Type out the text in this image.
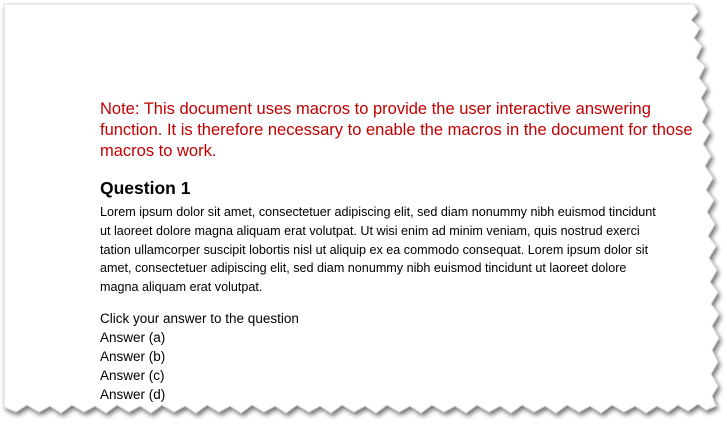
Note: This document uses macros to provide the user interactive answering function. It is therefore necessary to enable the macros in the document for those macros to work.

Question 1

Lorem ipsum dolor sit amet, consectetuer adipiscing elit, sed diam nonummy nibh euismod tincidunt
ut laoreet dolore magna aliquam erat volutpat. Ut wisi enim ad minim veniam, quis nostrud exerci
tation ullamcorper suscipit lobortis nisl ut aliquip ex ea commodo consequat. Lorem ipsum dolor sit
amet, consectetuer adipiscing elit, sed diam nonummy nibh euismod tincidunt ut laoreet dolore
magna aliquam erat volutpat.

Click your answer to the question
Answer (a)
Answer (b)
Answer (c)
Answer (d)
